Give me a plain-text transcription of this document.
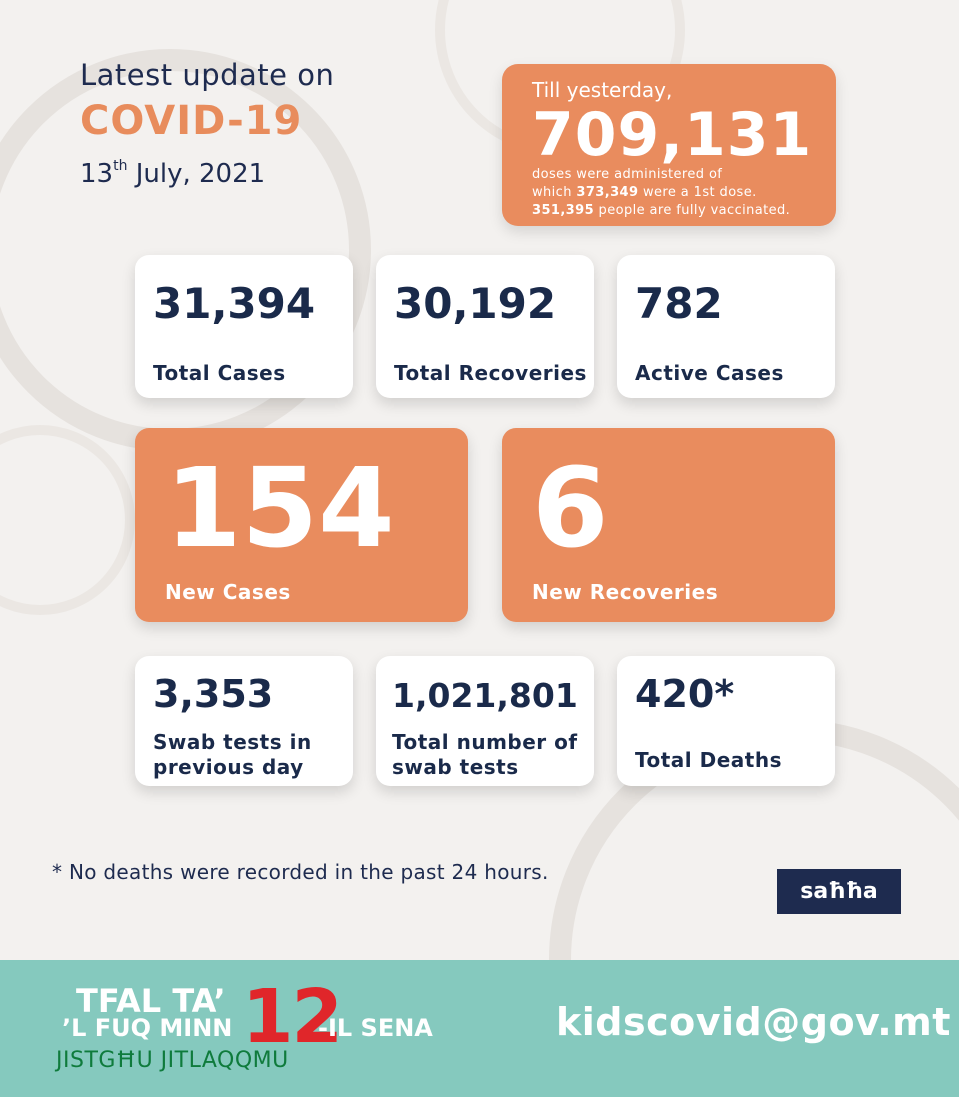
Latest update on
COVID-19
13th July, 2021
Till yesterday,
709,131
doses were administered of
which 373,349 were a 1st dose.
351,395 people are fully vaccinated.
31,394
Total Cases
30,192
Total Recoveries
782
Active Cases
154
New Cases
6
New Recoveries
3,353
Swab tests in
previous day
1,021,801
Total number of
swab tests
420*
Total Deaths
* No deaths were recorded in the past 24 hours.
saħħa
TFAL TA’
’L FUQ MINN 12
-IL SENA
JISTGĦU JITLAQQMU
kidscovid@gov.mt
